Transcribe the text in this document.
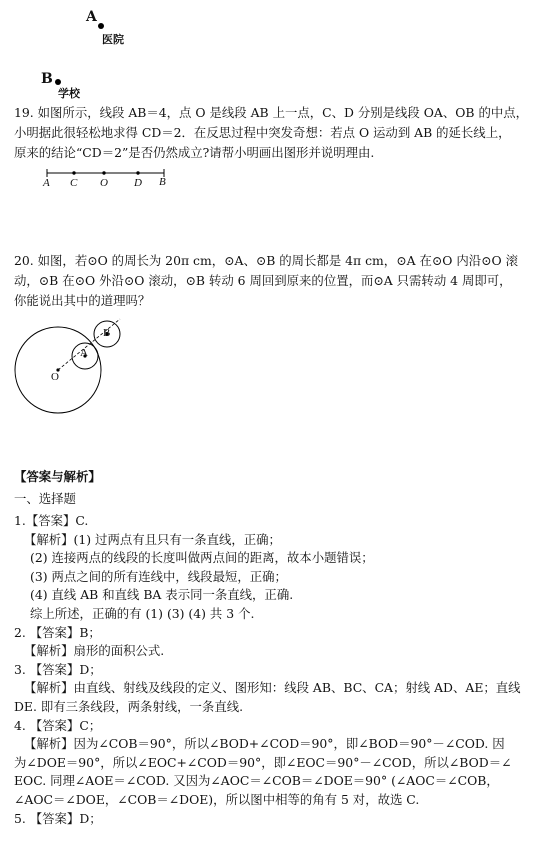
A
医院
B
学校
19. 如图所示，线段 AB＝4，点 O 是线段 AB 上一点，C、D 分别是线段 OA、OB 的中点，
小明据此很轻松地求得 CD＝2．在反思过程中突发奇想：若点 O 运动到 AB 的延长线上，
原来的结论“CD＝2”是否仍然成立?请帮小明画出图形并说明理由.
A C O D B
20. 如图，若⊙O 的周长为 20π cm，⊙A、⊙B 的周长都是 4π cm，⊙A 在⊙O 内沿⊙O 滚
动，⊙B 在⊙O 外沿⊙O 滚动，⊙B 转动 6 周回到原来的位置，而⊙A 只需转动 4 周即可，
你能说出其中的道理吗？
O
A
B
【答案与解析】
一、选择题
1.【答案】C.
【解析】(1) 过两点有且只有一条直线，正确；
(2) 连接两点的线段的长度叫做两点间的距离，故本小题错误；
(3) 两点之间的所有连线中，线段最短，正确；
(4) 直线 AB 和直线 BA 表示同一条直线，正确.
综上所述，正确的有 (1) (3) (4) 共 3 个.
2. 【答案】B；
【解析】扇形的面积公式.
3. 【答案】D；
【解析】由直线、射线及线段的定义、图形知：线段 AB、BC、CA；射线 AD、AE；直线
DE. 即有三条线段，两条射线，一条直线.
4. 【答案】C；
【解析】因为∠COB＝90°，所以∠BOD+∠COD＝90°，即∠BOD＝90°－∠COD. 因
为∠DOE＝90°，所以∠EOC+∠COD＝90°，即∠EOC＝90°－∠COD，所以∠BOD＝∠
EOC. 同理∠AOE＝∠COD. 又因为∠AOC＝∠COB＝∠DOE＝90° (∠AOC＝∠COB，
∠AOC＝∠DOE，∠COB＝∠DOE)，所以图中相等的角有 5 对，故选 C.
5. 【答案】D；
